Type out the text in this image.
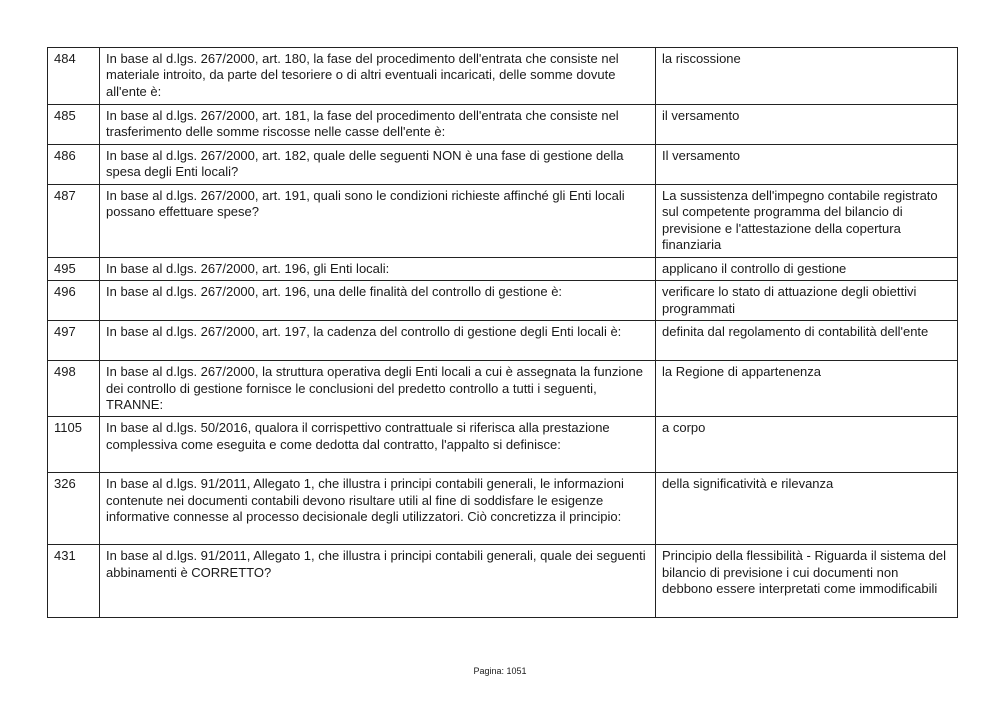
484	In base al d.lgs. 267/2000, art. 180, la fase del procedimento dell'entrata che consiste nel materiale introito, da parte del tesoriere o di altri eventuali incaricati, delle somme dovute all'ente è:	la riscossione
485	In base al d.lgs. 267/2000, art. 181, la fase del procedimento dell'entrata che consiste nel trasferimento delle somme riscosse nelle casse dell'ente è:	il versamento
486	In base al d.lgs. 267/2000, art. 182, quale delle seguenti NON è una fase di gestione della spesa degli Enti locali?	Il versamento
487	In base al d.lgs. 267/2000, art. 191, quali sono le condizioni richieste affinché gli Enti locali possano effettuare spese?	La sussistenza dell'impegno contabile registrato sul competente programma del bilancio di previsione e l'attestazione della copertura finanziaria
495	In base al d.lgs. 267/2000, art. 196, gli Enti locali:	applicano il controllo di gestione
496	In base al d.lgs. 267/2000, art. 196, una delle finalità del controllo di gestione è:	verificare lo stato di attuazione degli obiettivi programmati
497	In base al d.lgs. 267/2000, art. 197, la cadenza del controllo di gestione degli Enti locali è:	definita dal regolamento di contabilità dell'ente
498	In base al d.lgs. 267/2000, la struttura operativa degli Enti locali a cui è assegnata la funzione dei controllo di gestione fornisce le conclusioni del predetto controllo a tutti i seguenti, TRANNE:	la Regione di appartenenza
1105	In base al d.lgs. 50/2016, qualora il corrispettivo contrattuale si riferisca alla prestazione complessiva come eseguita e come dedotta dal contratto, l'appalto si definisce:	a corpo
326	In base al d.lgs. 91/2011, Allegato 1, che illustra i principi contabili generali, le informazioni contenute nei documenti contabili devono risultare utili al fine di soddisfare le esigenze informative connesse al processo decisionale degli utilizzatori. Ciò concretizza il principio:	della significatività e rilevanza
431	In base al d.lgs. 91/2011, Allegato 1, che illustra i principi contabili generali, quale dei seguenti abbinamenti è CORRETTO?	Principio della flessibilità - Riguarda il sistema del bilancio di previsione i cui documenti non debbono essere interpretati come immodificabili
Pagina: 1051
